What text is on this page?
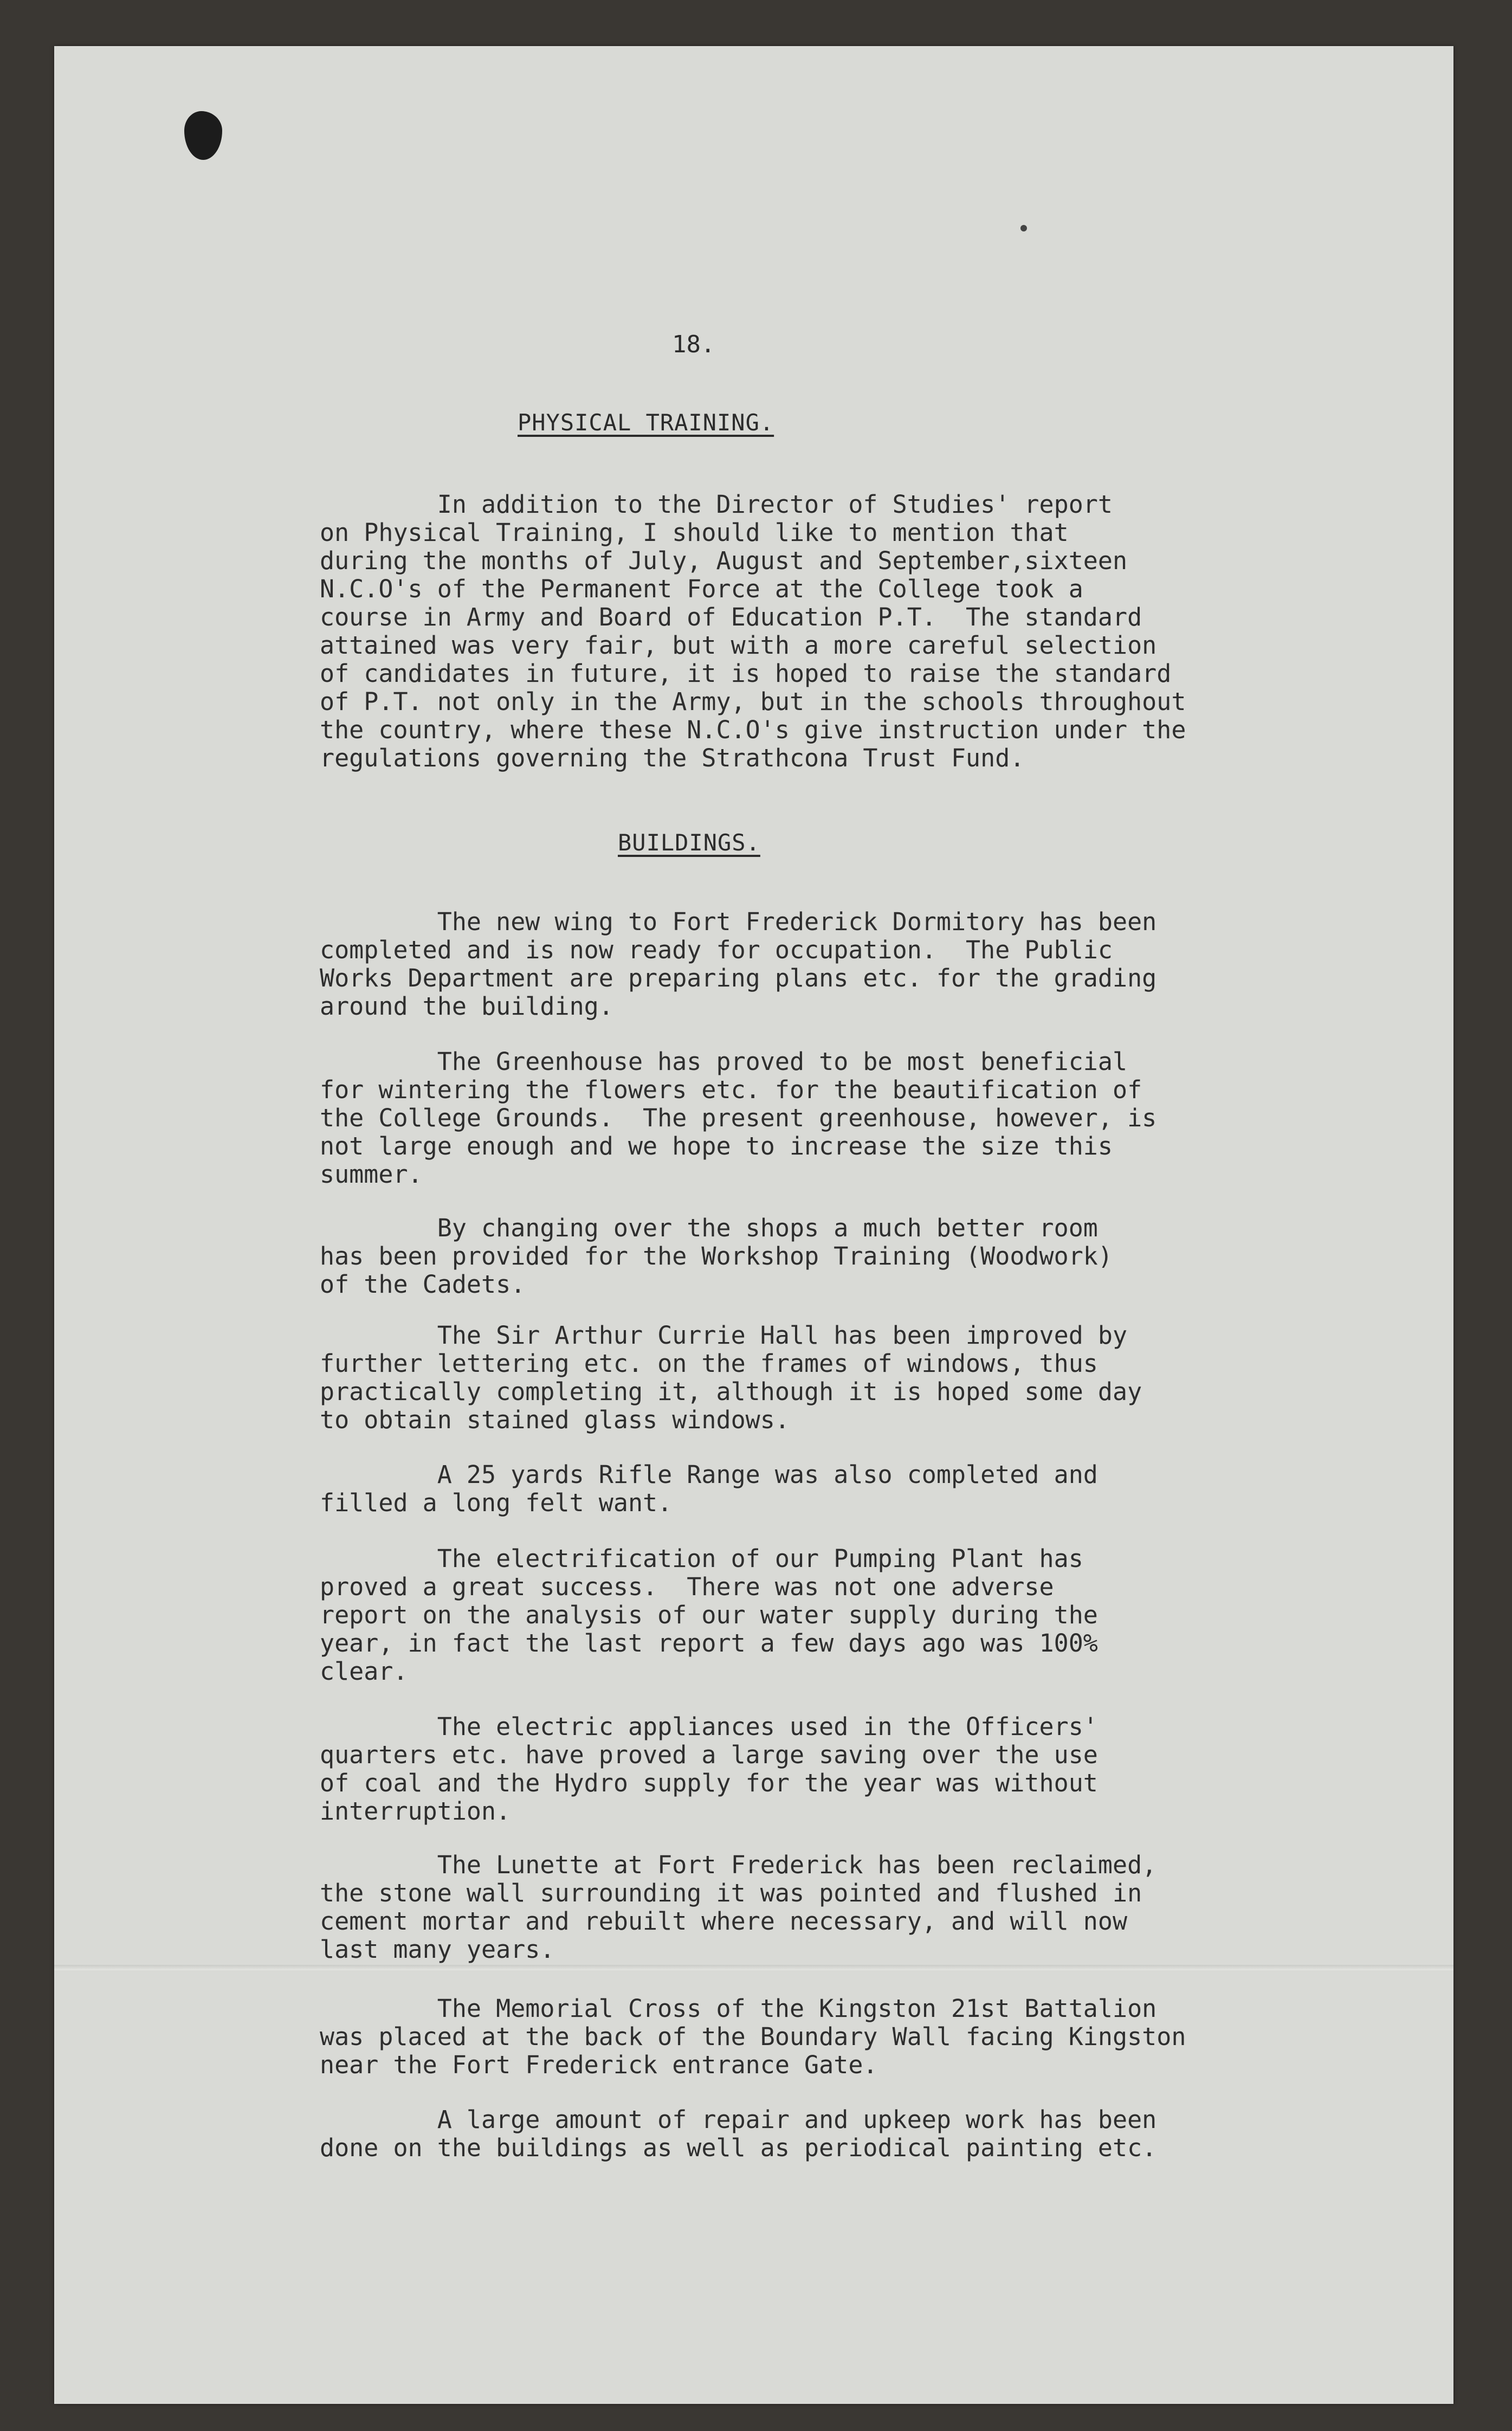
18.
PHYSICAL TRAINING.

In addition to the Director of Studies' report
on Physical Training, I should like to mention that
during the months of July, August and September,sixteen
N.C.O's of the Permanent Force at the College took a
course in Army and Board of Education P.T.  The standard
attained was very fair, but with a more careful selection
of candidates in future, it is hoped to raise the standard
of P.T. not only in the Army, but in the schools throughout
the country, where these N.C.O's give instruction under the
regulations governing the Strathcona Trust Fund.

BUILDINGS.

The new wing to Fort Frederick Dormitory has been
completed and is now ready for occupation.  The Public
Works Department are preparing plans etc. for the grading
around the building.

The Greenhouse has proved to be most beneficial
for wintering the flowers etc. for the beautification of
the College Grounds.  The present greenhouse, however, is
not large enough and we hope to increase the size this
summer.

By changing over the shops a much better room
has been provided for the Workshop Training (Woodwork)
of the Cadets.

The Sir Arthur Currie Hall has been improved by
further lettering etc. on the frames of windows, thus
practically completing it, although it is hoped some day
to obtain stained glass windows.

A 25 yards Rifle Range was also completed and
filled a long felt want.

The electrification of our Pumping Plant has
proved a great success.  There was not one adverse
report on the analysis of our water supply during the
year, in fact the last report a few days ago was 100%
clear.

The electric appliances used in the Officers'
quarters etc. have proved a large saving over the use
of coal and the Hydro supply for the year was without
interruption.

The Lunette at Fort Frederick has been reclaimed,
the stone wall surrounding it was pointed and flushed in
cement mortar and rebuilt where necessary, and will now
last many years.

The Memorial Cross of the Kingston 21st Battalion
was placed at the back of the Boundary Wall facing Kingston
near the Fort Frederick entrance Gate.

A large amount of repair and upkeep work has been
done on the buildings as well as periodical painting etc.
